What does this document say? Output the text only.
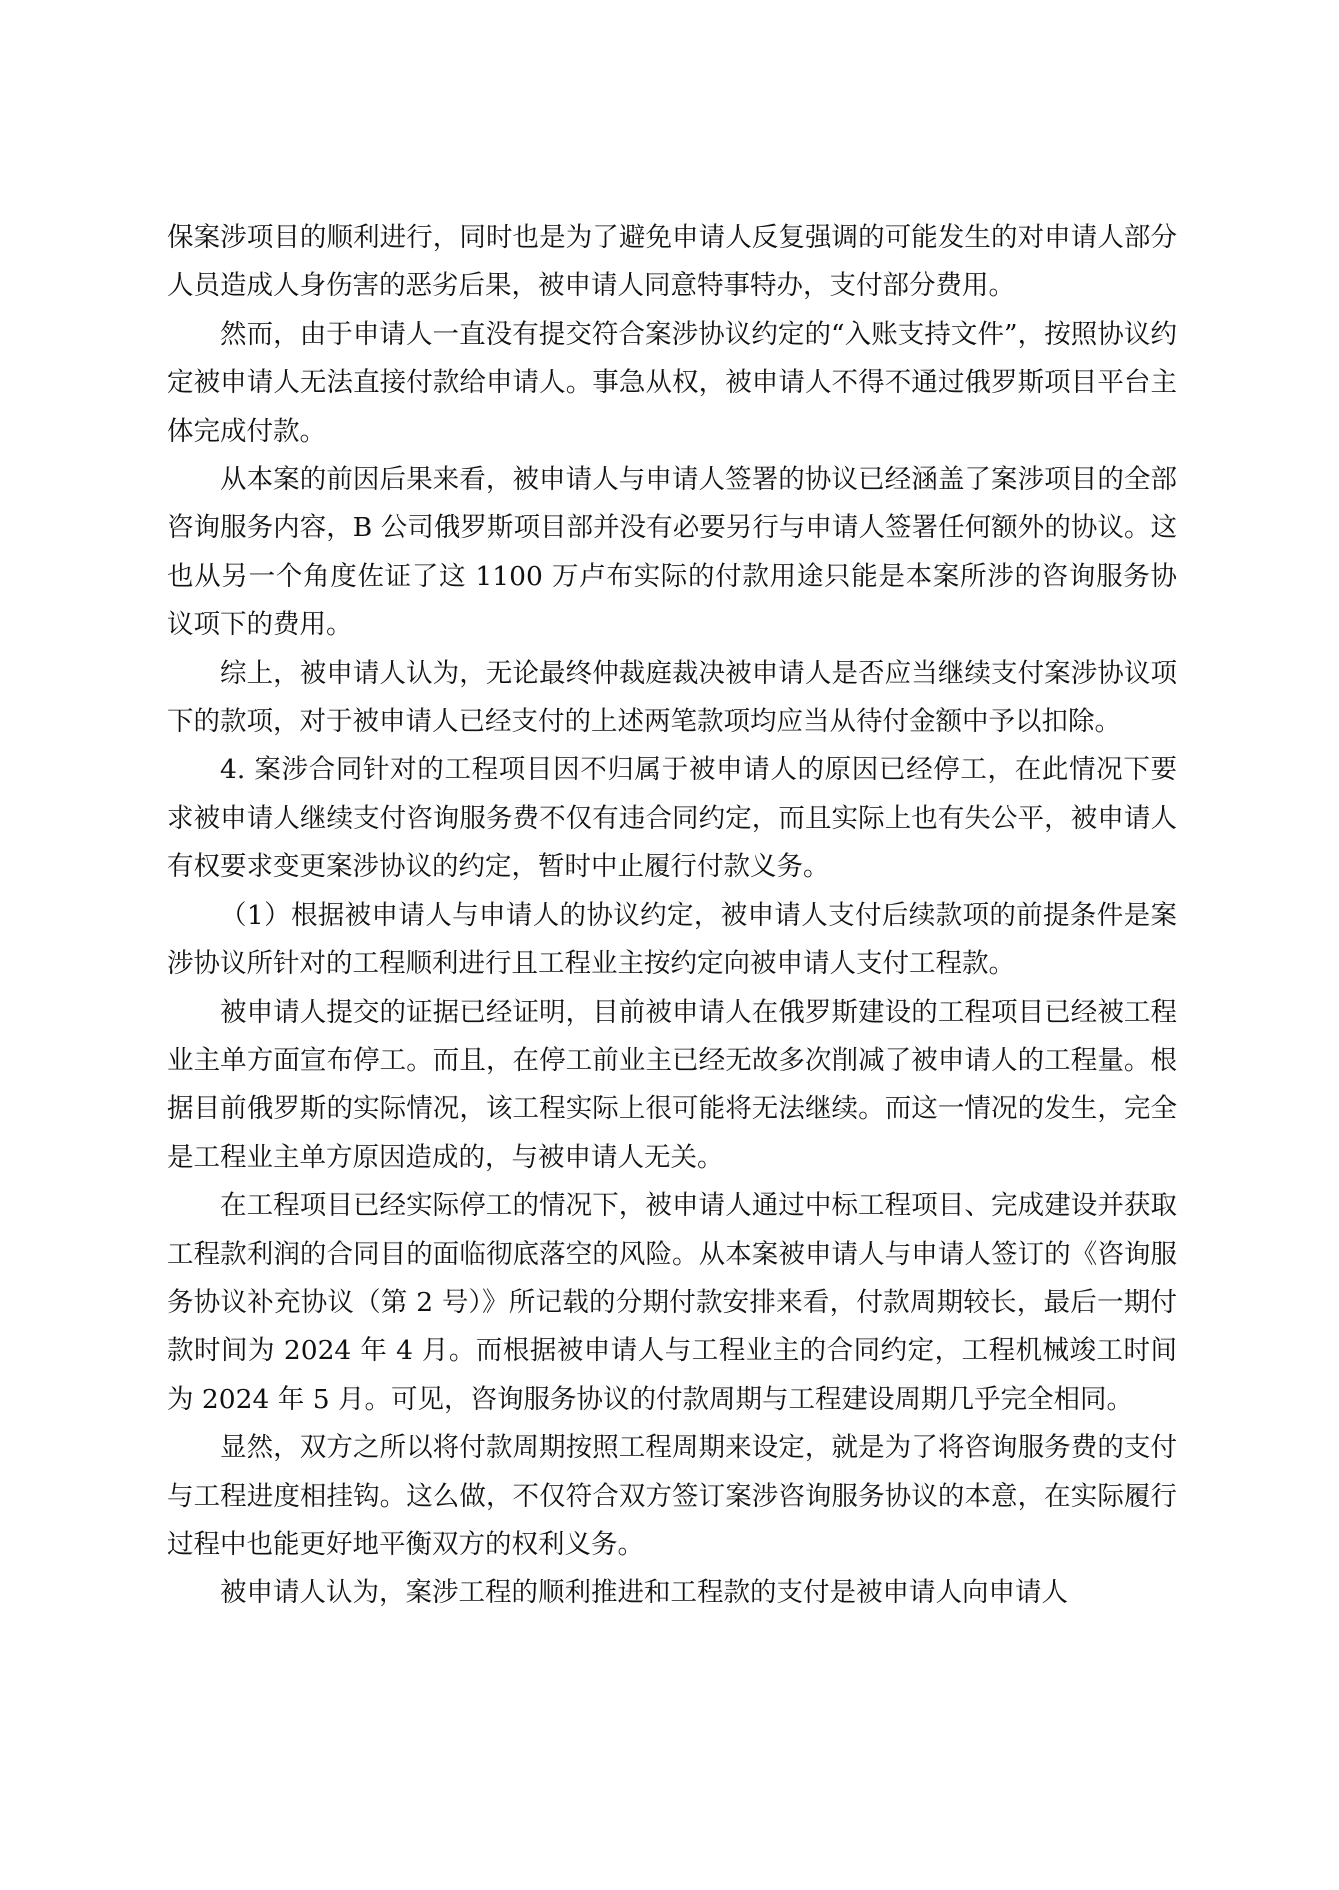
保案涉项目的顺利进行，同时也是为了避免申请人反复强调的可能发生的对申请人部分人员造成人身伤害的恶劣后果，被申请人同意特事特办，支付部分费用。

然而，由于申请人一直没有提交符合案涉协议约定的“入账支持文件”，按照协议约定被申请人无法直接付款给申请人。事急从权，被申请人不得不通过俄罗斯项目平台主体完成付款。

从本案的前因后果来看，被申请人与申请人签署的协议已经涵盖了案涉项目的全部咨询服务内容，B 公司俄罗斯项目部并没有必要另行与申请人签署任何额外的协议。这也从另一个角度佐证了这 1100 万卢布实际的付款用途只能是本案所涉的咨询服务协议项下的费用。

综上，被申请人认为，无论最终仲裁庭裁决被申请人是否应当继续支付案涉协议项下的款项，对于被申请人已经支付的上述两笔款项均应当从待付金额中予以扣除。

4. 案涉合同针对的工程项目因不归属于被申请人的原因已经停工，在此情况下要求被申请人继续支付咨询服务费不仅有违合同约定，而且实际上也有失公平，被申请人有权要求变更案涉协议的约定，暂时中止履行付款义务。

（1）根据被申请人与申请人的协议约定，被申请人支付后续款项的前提条件是案涉协议所针对的工程顺利进行且工程业主按约定向被申请人支付工程款。

被申请人提交的证据已经证明，目前被申请人在俄罗斯建设的工程项目已经被工程业主单方面宣布停工。而且，在停工前业主已经无故多次削减了被申请人的工程量。根据目前俄罗斯的实际情况，该工程实际上很可能将无法继续。而这一情况的发生，完全是工程业主单方原因造成的，与被申请人无关。

在工程项目已经实际停工的情况下，被申请人通过中标工程项目、完成建设并获取工程款利润的合同目的面临彻底落空的风险。从本案被申请人与申请人签订的《咨询服务协议补充协议（第 2 号）》所记载的分期付款安排来看，付款周期较长，最后一期付款时间为 2024 年 4 月。而根据被申请人与工程业主的合同约定，工程机械竣工时间为 2024 年 5 月。可见，咨询服务协议的付款周期与工程建设周期几乎完全相同。

显然，双方之所以将付款周期按照工程周期来设定，就是为了将咨询服务费的支付与工程进度相挂钩。这么做，不仅符合双方签订案涉咨询服务协议的本意，在实际履行过程中也能更好地平衡双方的权利义务。

被申请人认为，案涉工程的顺利推进和工程款的支付是被申请人向申请人
